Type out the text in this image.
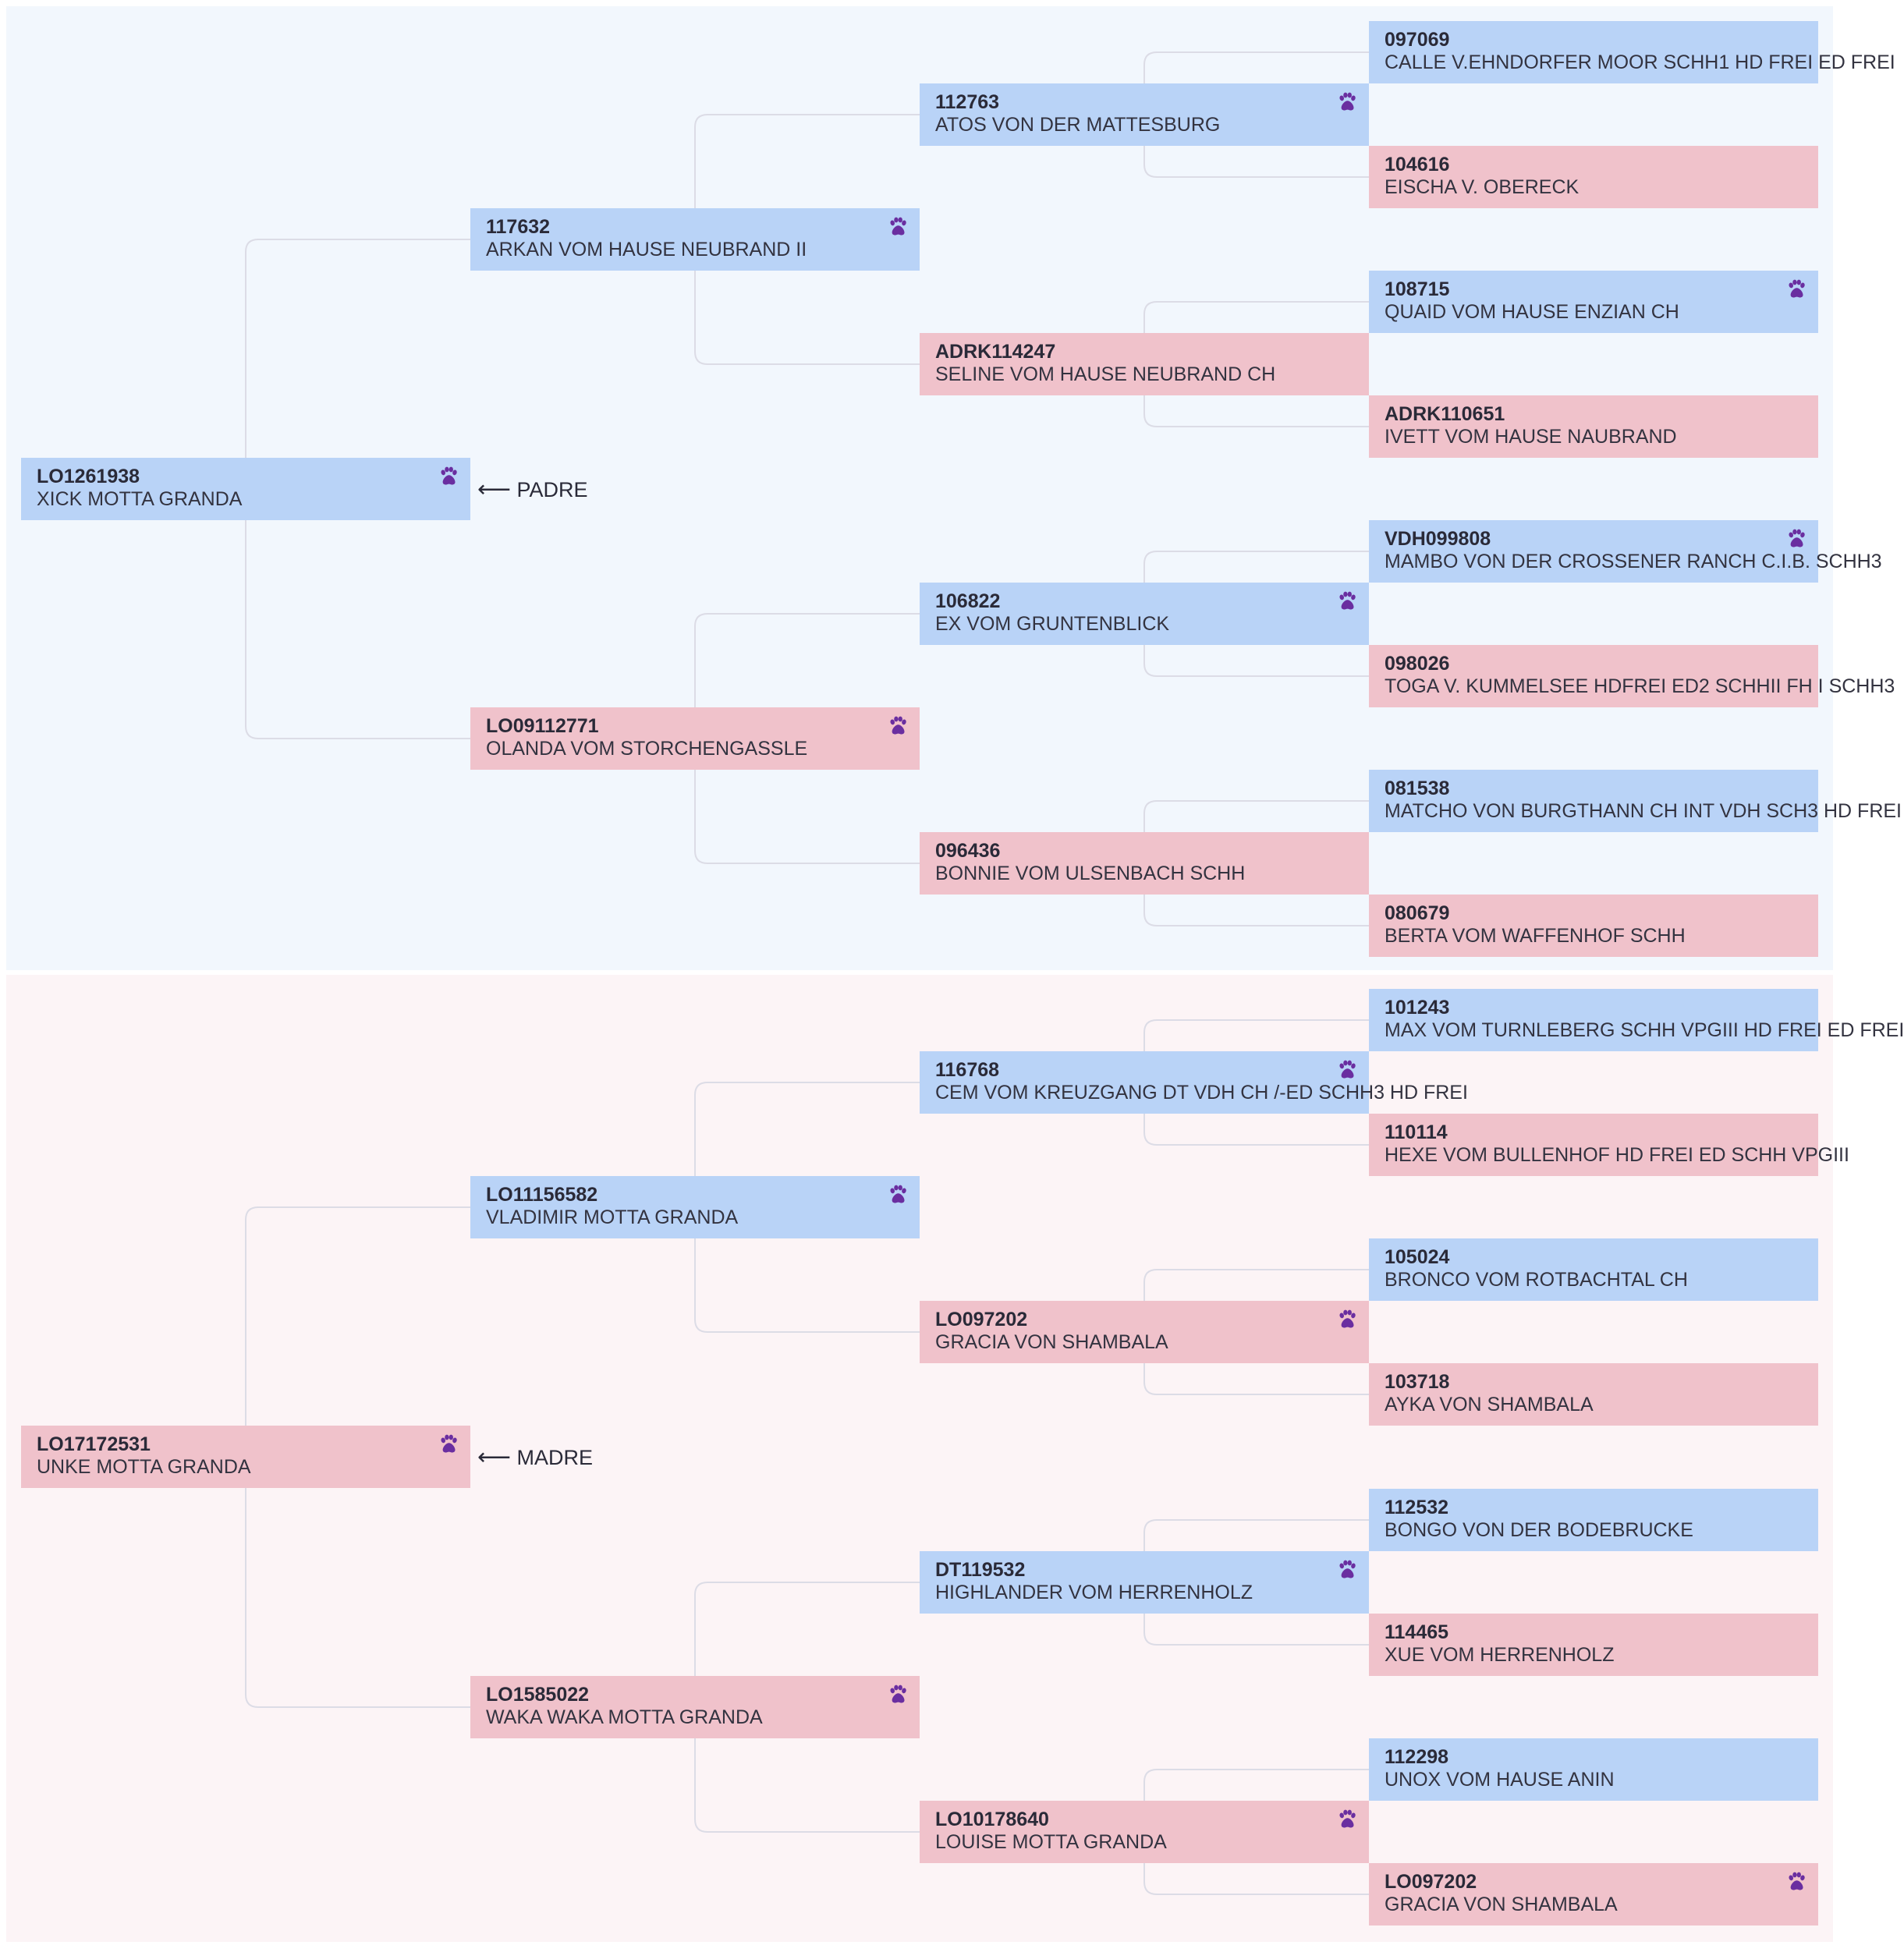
LO1261938
XICK MOTTA GRANDA
117632
ARKAN VOM HAUSE NEUBRAND II
112763
ATOS VON DER MATTESBURG
097069
CALLE V.EHNDORFER MOOR SCHH1 HD FREI ED FREI
104616
EISCHA V. OBERECK
ADRK114247
SELINE VOM HAUSE NEUBRAND CH
108715
QUAID VOM HAUSE ENZIAN CH
ADRK110651
IVETT VOM HAUSE NAUBRAND
LO09112771
OLANDA VOM STORCHENGASSLE
106822
EX VOM GRUNTENBLICK
VDH099808
MAMBO VON DER CROSSENER RANCH C.I.B. SCHH3
098026
TOGA V. KUMMELSEE HDFREI ED2 SCHHII FH I SCHH3
096436
BONNIE VOM ULSENBACH SCHH
081538
MATCHO VON BURGTHANN CH INT VDH SCH3 HD FREI
080679
BERTA VOM WAFFENHOF SCHH
LO17172531
UNKE MOTTA GRANDA
LO11156582
VLADIMIR MOTTA GRANDA
116768
CEM VOM KREUZGANG DT VDH CH /-ED SCHH3 HD FREI
101243
MAX VOM TURNLEBERG SCHH VPGIII HD FREI ED FREI
110114
HEXE VOM BULLENHOF HD FREI ED SCHH VPGIII
LO097202
GRACIA VON SHAMBALA
105024
BRONCO VOM ROTBACHTAL CH
103718
AYKA VON SHAMBALA
LO1585022
WAKA WAKA MOTTA GRANDA
DT119532
HIGHLANDER VOM HERRENHOLZ
112532
BONGO VON DER BODEBRUCKE
114465
XUE VOM HERRENHOLZ
LO10178640
LOUISE MOTTA GRANDA
112298
UNOX VOM HAUSE ANIN
LO097202
GRACIA VON SHAMBALA
⟵ PADRE
⟵ MADRE
